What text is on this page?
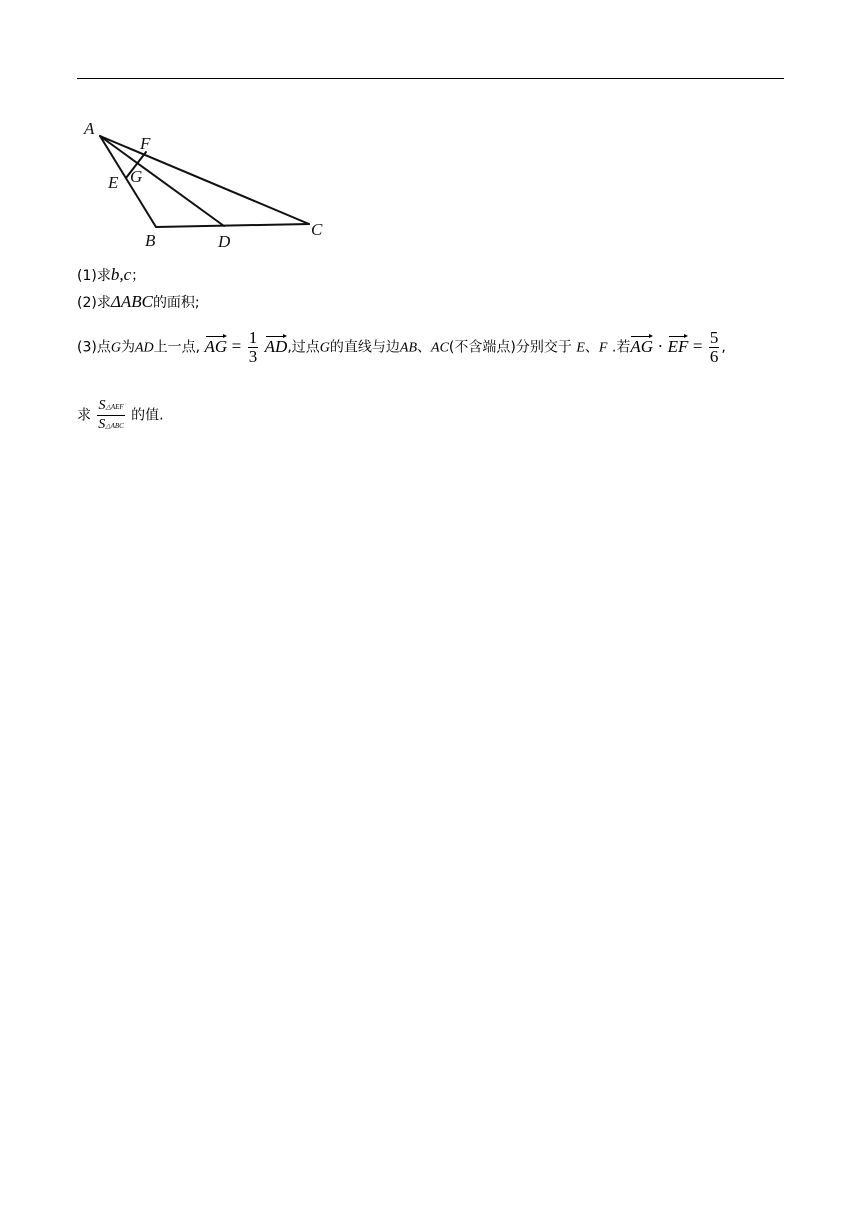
A
F
E G
B	D
C
(1)求b,c；
(2)求ΔABC的面积;
(3)点G为AD上一点, AG = $\frac{1}{3}$
AD,过点G的直线与边AB、AC(不含端点)分别交于 E、F .若
AG · EF = $\frac{5}{6}$ ,
求 $\frac{\text{S△AEF}}{\text{S△ABC}}$ 的值.
